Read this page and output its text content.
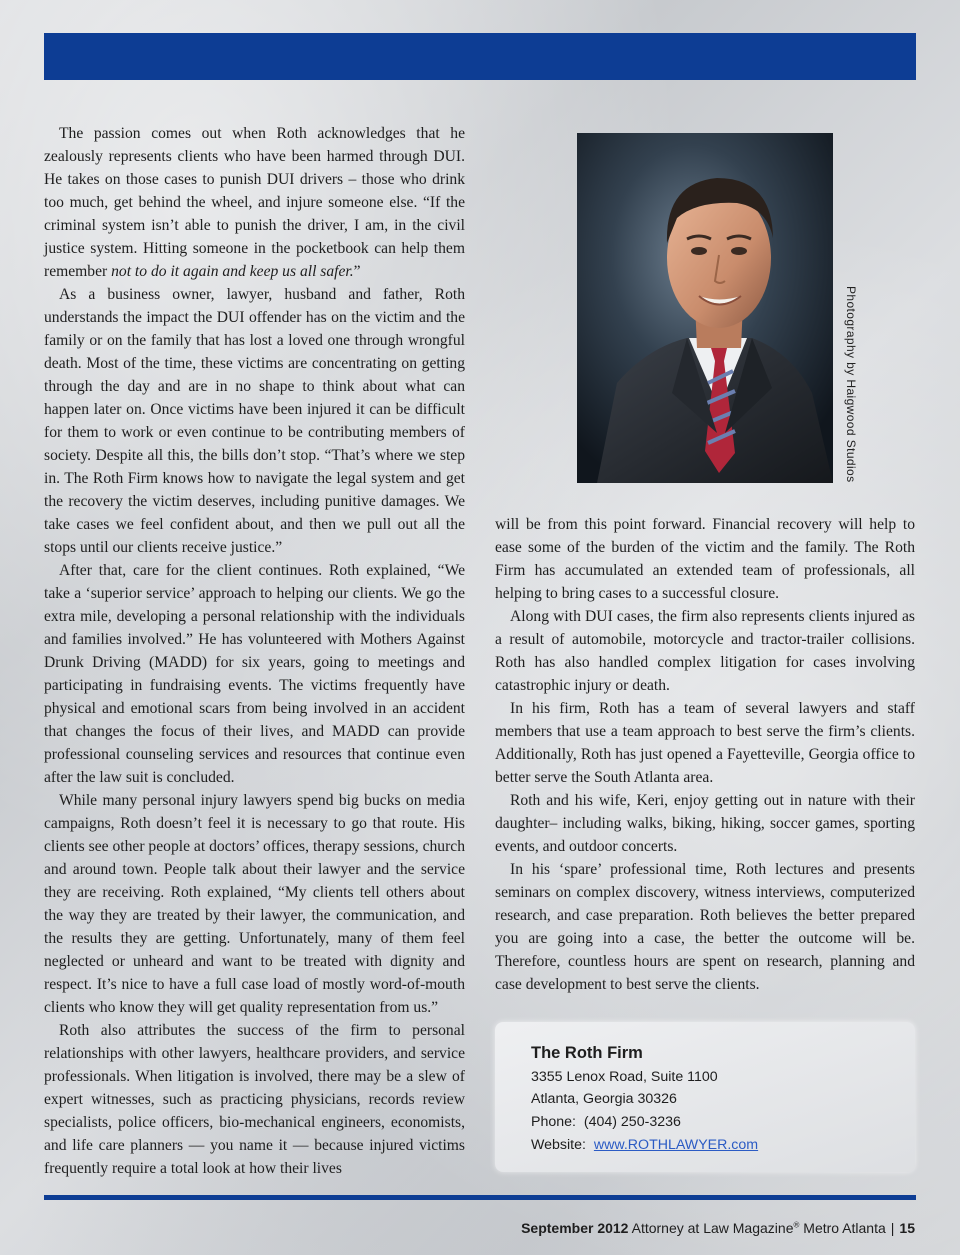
The passion comes out when Roth acknowledges that he zealously represents clients who have been harmed through DUI. He takes on those cases to punish DUI drivers – those who drink too much, get behind the wheel, and injure someone else. “If the criminal system isn’t able to punish the driver, I am, in the civil justice system. Hitting someone in the pocketbook can help them remember not to do it again and keep us all safer.”

As a business owner, lawyer, husband and father, Roth understands the impact the DUI offender has on the victim and the family or on the family that has lost a loved one through wrongful death. Most of the time, these victims are concentrating on getting through the day and are in no shape to think about what can happen later on. Once victims have been injured it can be difficult for them to work or even continue to be contributing members of society. Despite all this, the bills don’t stop. “That’s where we step in. The Roth Firm knows how to navigate the legal system and get the recovery the victim deserves, including punitive damages. We take cases we feel confident about, and then we pull out all the stops until our clients receive justice.”

After that, care for the client continues. Roth explained, “We take a ‘superior service’ approach to helping our clients. We go the extra mile, developing a personal relationship with the individuals and families involved.” He has volunteered with Mothers Against Drunk Driving (MADD) for six years, going to meetings and participating in fundraising events. The victims frequently have physical and emotional scars from being involved in an accident that changes the focus of their lives, and MADD can provide professional counseling services and resources that continue even after the law suit is concluded.

While many personal injury lawyers spend big bucks on media campaigns, Roth doesn’t feel it is necessary to go that route. His clients see other people at doctors’ offices, therapy sessions, church and around town. People talk about their lawyer and the service they are receiving. Roth explained, “My clients tell others about the way they are treated by their lawyer, the communication, and the results they are getting. Unfortunately, many of them feel neglected or unheard and want to be treated with dignity and respect. It’s nice to have a full case load of mostly word-of-mouth clients who know they will get quality representation from us.”

Roth also attributes the success of the firm to personal relationships with other lawyers, healthcare providers, and service professionals. When litigation is involved, there may be a slew of expert witnesses, such as practicing physicians, records review specialists, police officers, bio-mechanical engineers, economists, and life care planners — you name it — because injured victims frequently require a total look at how their lives

Photography by Haigwood Studios

will be from this point forward. Financial recovery will help to ease some of the burden of the victim and the family. The Roth Firm has accumulated an extended team of professionals, all helping to bring cases to a successful closure.

Along with DUI cases, the firm also represents clients injured as a result of automobile, motorcycle and tractor-trailer collisions. Roth has also handled complex litigation for cases involving catastrophic injury or death.

In his firm, Roth has a team of several lawyers and staff members that use a team approach to best serve the firm’s clients. Additionally, Roth has just opened a Fayetteville, Georgia office to better serve the South Atlanta area.

Roth and his wife, Keri, enjoy getting out in nature with their daughter– including walks, biking, hiking, soccer games, sporting events, and outdoor concerts.

In his ‘spare’ professional time, Roth lectures and presents seminars on complex discovery, witness interviews, computerized research, and case preparation. Roth believes the better prepared you are going into a case, the better the outcome will be. Therefore, countless hours are spent on research, planning and case development to best serve the clients.

The Roth Firm
3355 Lenox Road, Suite 1100
Atlanta, Georgia 30326
Phone: (404) 250-3236
Website: www.ROTHLAWYER.com
September 2012 Attorney at Law Magazine® Metro Atlanta | 15
